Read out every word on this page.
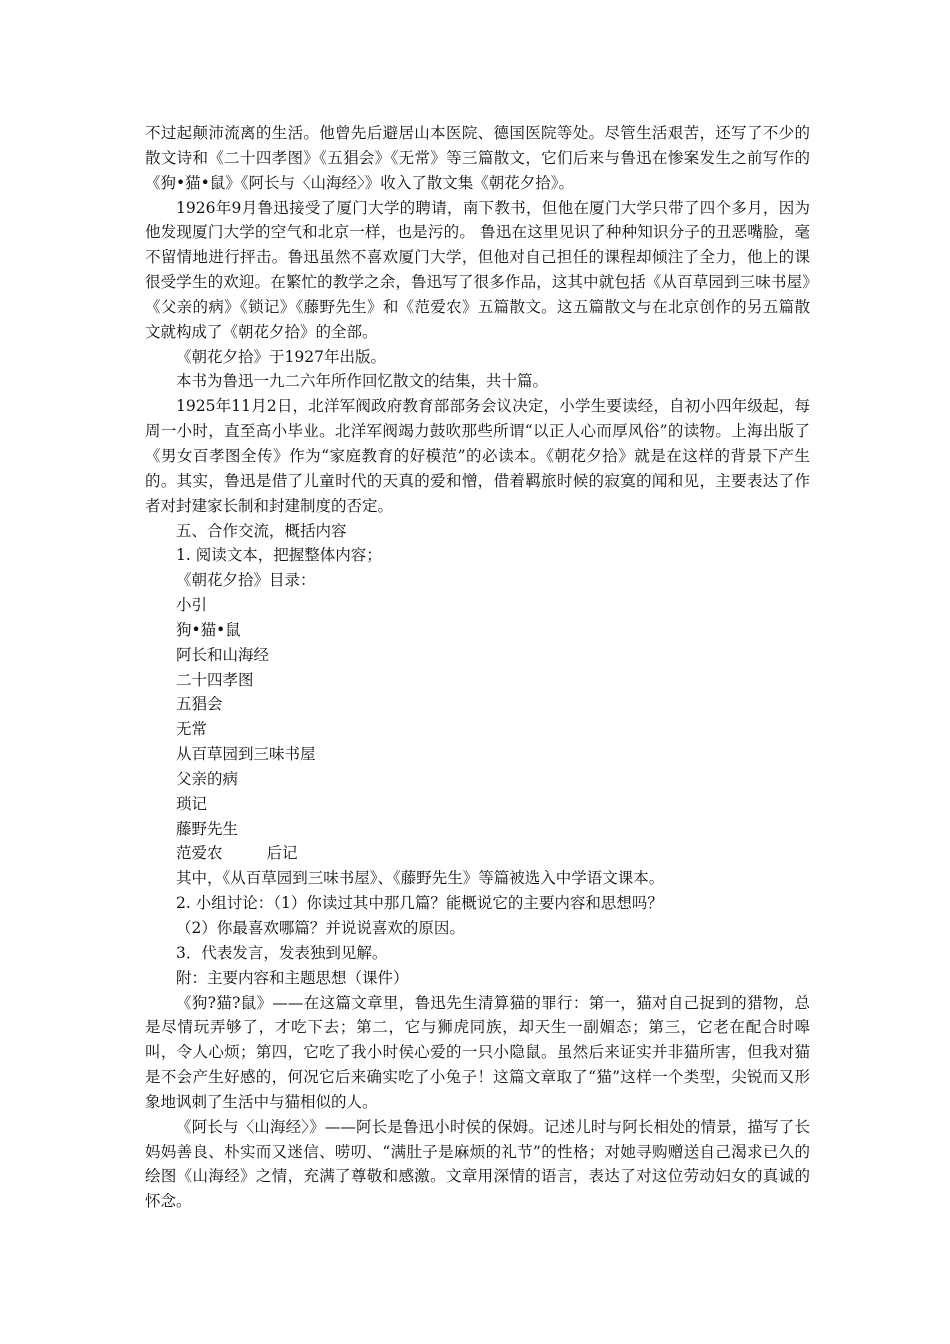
不过起颠沛流离的生活。他曾先后避居山本医院、德国医院等处。尽管生活艰苦，还写了不少的散文诗和《二十四孝图》《五猖会》《无常》等三篇散文，它们后来与鲁迅在惨案发生之前写作的《狗•猫•鼠》《阿长与〈山海经〉》收入了散文集《朝花夕拾》。

1926年9月鲁迅接受了厦门大学的聘请，南下教书，但他在厦门大学只带了四个多月，因为他发现厦门大学的空气和北京一样，也是污的。 鲁迅在这里见识了种种知识分子的丑恶嘴脸，毫不留情地进行抨击。鲁迅虽然不喜欢厦门大学，但他对自己担任的课程却倾注了全力，他上的课很受学生的欢迎。在繁忙的教学之余，鲁迅写了很多作品，这其中就包括《从百草园到三味书屋》《父亲的病》《锁记》《藤野先生》和《范爱农》五篇散文。这五篇散文与在北京创作的另五篇散文就构成了《朝花夕拾》的全部。

《朝花夕拾》于1927年出版。

本书为鲁迅一九二六年所作回忆散文的结集，共十篇。

1925年11月2日，北洋军阀政府教育部部务会议决定，小学生要读经，自初小四年级起，每周一小时，直至高小毕业。北洋军阀竭力鼓吹那些所谓“以正人心而厚风俗”的读物。上海出版了《男女百孝图全传》作为“家庭教育的好模范”的必读本。《朝花夕拾》就是在这样的背景下产生的。其实，鲁迅是借了儿童时代的天真的爱和憎，借着羁旅时候的寂寞的闻和见，主要表达了作者对封建家长制和封建制度的否定。

五、合作交流，概括内容

1. 阅读文本，把握整体内容；

《朝花夕拾》目录：

小引

狗•猫•鼠

阿长和山海经

二十四孝图

五猖会

无常

从百草园到三味书屋

父亲的病

琐记

藤野先生

范爱农	后记

其中，《从百草园到三味书屋》、《藤野先生》等篇被选入中学语文课本。

2. 小组讨论：（1）你读过其中那几篇？能概说它的主要内容和思想吗？

（2）你最喜欢哪篇？并说说喜欢的原因。

3．代表发言，发表独到见解。

附：主要内容和主题思想（课件）

《狗?猫?鼠》——在这篇文章里，鲁迅先生清算猫的罪行：第一，猫对自己捉到的猎物，总是尽情玩弄够了，才吃下去；第二，它与狮虎同族，却天生一副媚态；第三，它老在配合时嗥叫，令人心烦；第四，它吃了我小时侯心爱的一只小隐鼠。虽然后来证实并非猫所害，但我对猫是不会产生好感的，何况它后来确实吃了小兔子！这篇文章取了“猫”这样一个类型，尖锐而又形象地讽刺了生活中与猫相似的人。

《阿长与〈山海经〉》——阿长是鲁迅小时侯的保姆。记述儿时与阿长相处的情景，描写了长妈妈善良、朴实而又迷信、唠叨、“满肚子是麻烦的礼节”的性格；对她寻购赠送自己渴求已久的绘图《山海经》之情，充满了尊敬和感激。文章用深情的语言，表达了对这位劳动妇女的真诚的怀念。
